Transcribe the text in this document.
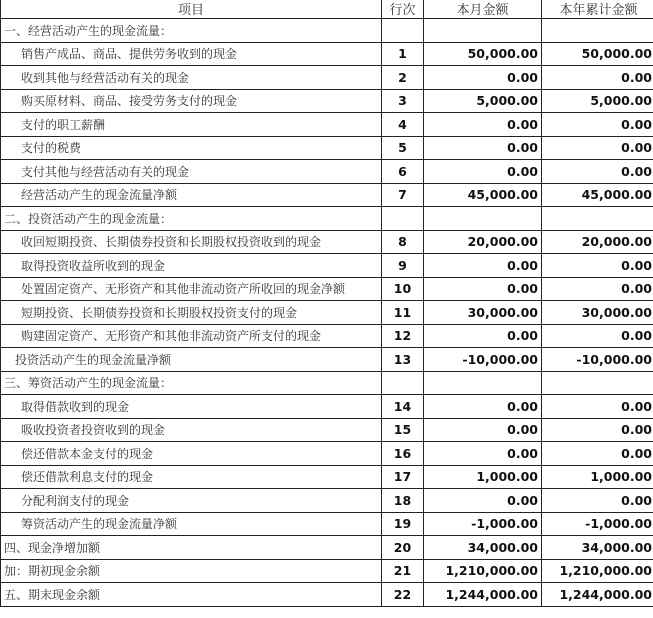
项目	行次	本月金额	本年累计金额
一、经营活动产生的现金流量：			
销售产成品、商品、提供劳务收到的现金	1	50,000.00	50,000.00
收到其他与经营活动有关的现金	2	0.00	0.00
购买原材料、商品、接受劳务支付的现金	3	5,000.00	5,000.00
支付的职工薪酬	4	0.00	0.00
支付的税费	5	0.00	0.00
支付其他与经营活动有关的现金	6	0.00	0.00
经营活动产生的现金流量净额	7	45,000.00	45,000.00
二、投资活动产生的现金流量：			
收回短期投资、长期债券投资和长期股权投资收到的现金	8	20,000.00	20,000.00
取得投资收益所收到的现金	9	0.00	0.00
处置固定资产、无形资产和其他非流动资产所收回的现金净额	10	0.00	0.00
短期投资、长期债券投资和长期股权投资支付的现金	11	30,000.00	30,000.00
购建固定资产、无形资产和其他非流动资产所支付的现金	12	0.00	0.00
投资活动产生的现金流量净额	13	-10,000.00	-10,000.00
三、筹资活动产生的现金流量：			
取得借款收到的现金	14	0.00	0.00
吸收投资者投资收到的现金	15	0.00	0.00
偿还借款本金支付的现金	16	0.00	0.00
偿还借款利息支付的现金	17	1,000.00	1,000.00
分配利润支付的现金	18	0.00	0.00
筹资活动产生的现金流量净额	19	-1,000.00	-1,000.00
四、现金净增加额	20	34,000.00	34,000.00
加：期初现金余额	21	1,210,000.00	1,210,000.00
五、期末现金余额	22	1,244,000.00	1,244,000.00
